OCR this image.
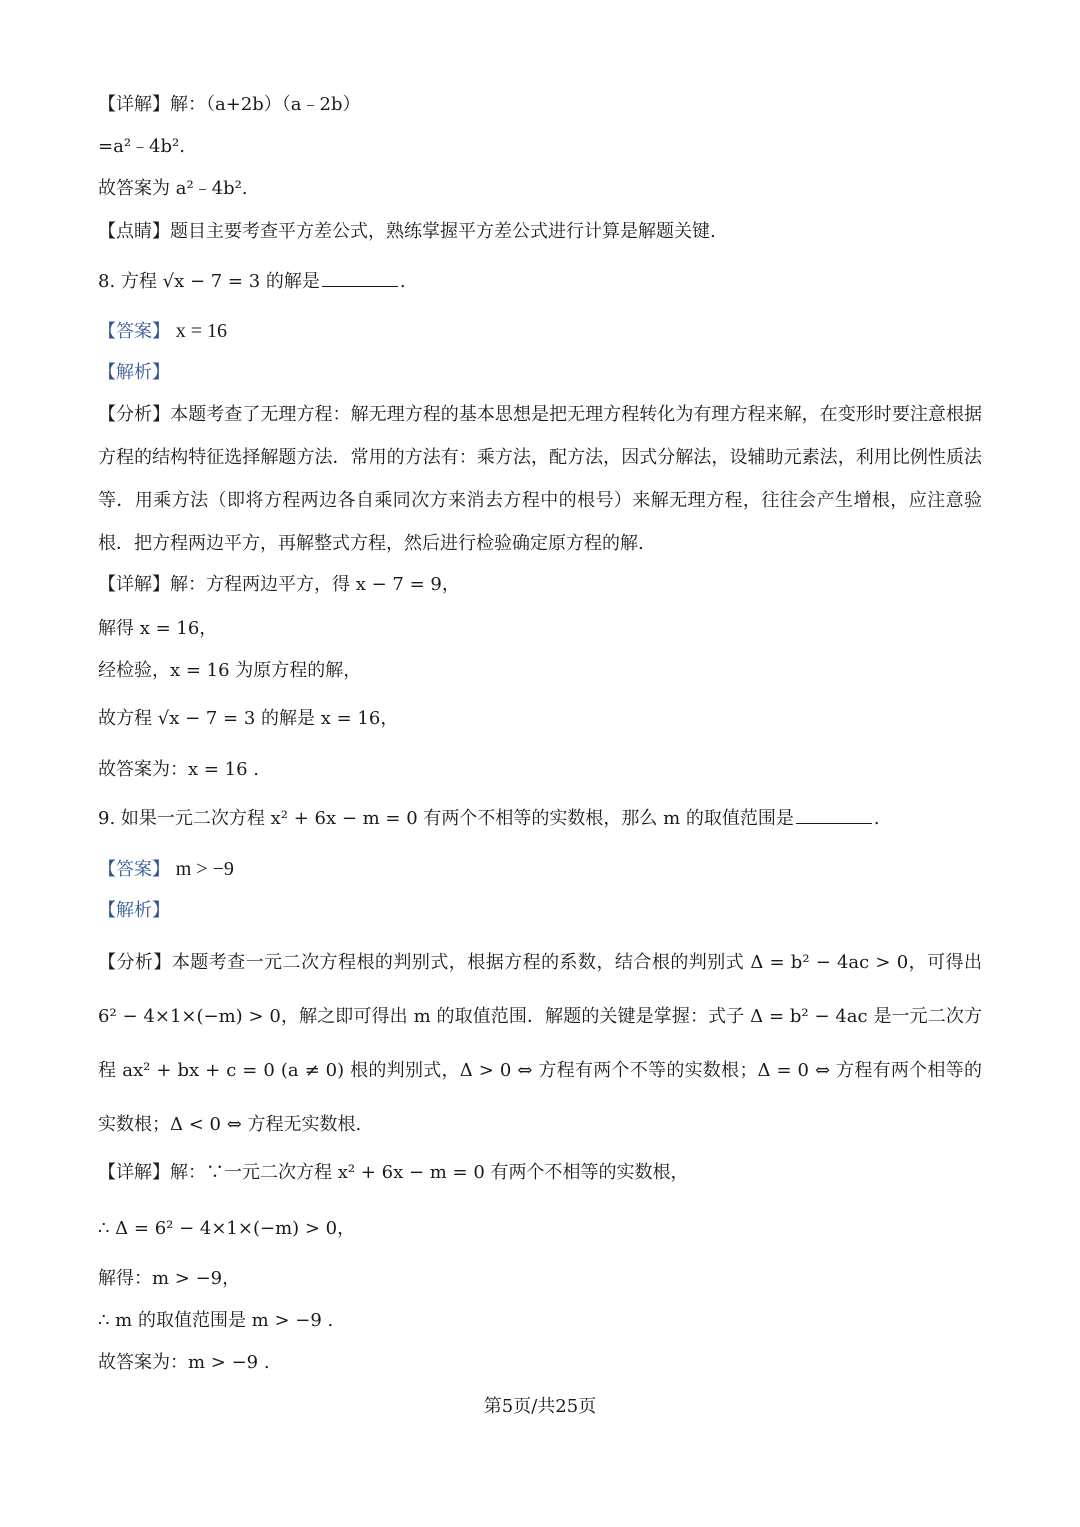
【详解】解：（a+2b）（a﹣2b）
=a²﹣4b².
故答案为 a²﹣4b².
【点睛】题目主要考查平方差公式，熟练掌握平方差公式进行计算是解题关键.
8. 方程 √x − 7 = 3 的解是	.
【答案】 x = 16
【解析】
【分析】本题考查了无理方程：解无理方程的基本思想是把无理方程转化为有理方程来解，在变形时要注意根据方程的结构特征选择解题方法．常用的方法有：乘方法，配方法，因式分解法，设辅助元素法，利用比例性质法等．用乘方法（即将方程两边各自乘同次方来消去方程中的根号）来解无理方程，往往会产生增根，应注意验根．把方程两边平方，再解整式方程，然后进行检验确定原方程的解.
【详解】解：方程两边平方，得 x − 7 = 9，
解得 x = 16，
经检验，x = 16 为原方程的解，
故方程 √x − 7 = 3 的解是 x = 16，
故答案为：x = 16 .
9. 如果一元二次方程 x² + 6x − m = 0 有两个不相等的实数根，那么 m 的取值范围是	.
【答案】 m > −9
【解析】
【分析】本题考查一元二次方程根的判别式，根据方程的系数，结合根的判别式 Δ = b² − 4ac > 0，可得出 6² − 4×1×(−m) > 0，解之即可得出 m 的取值范围．解题的关键是掌握：式子 Δ = b² − 4ac 是一元二次方程 ax² + bx + c = 0 (a ≠ 0) 根的判别式，Δ > 0 ⇔ 方程有两个不等的实数根；Δ = 0 ⇔ 方程有两个相等的实数根；Δ < 0 ⇔ 方程无实数根.
【详解】解：∵一元二次方程 x² + 6x − m = 0 有两个不相等的实数根，
∴ Δ = 6² − 4×1×(−m) > 0，
解得：m > −9，
∴ m 的取值范围是 m > −9 .
故答案为：m > −9 .
第5页/共25页
